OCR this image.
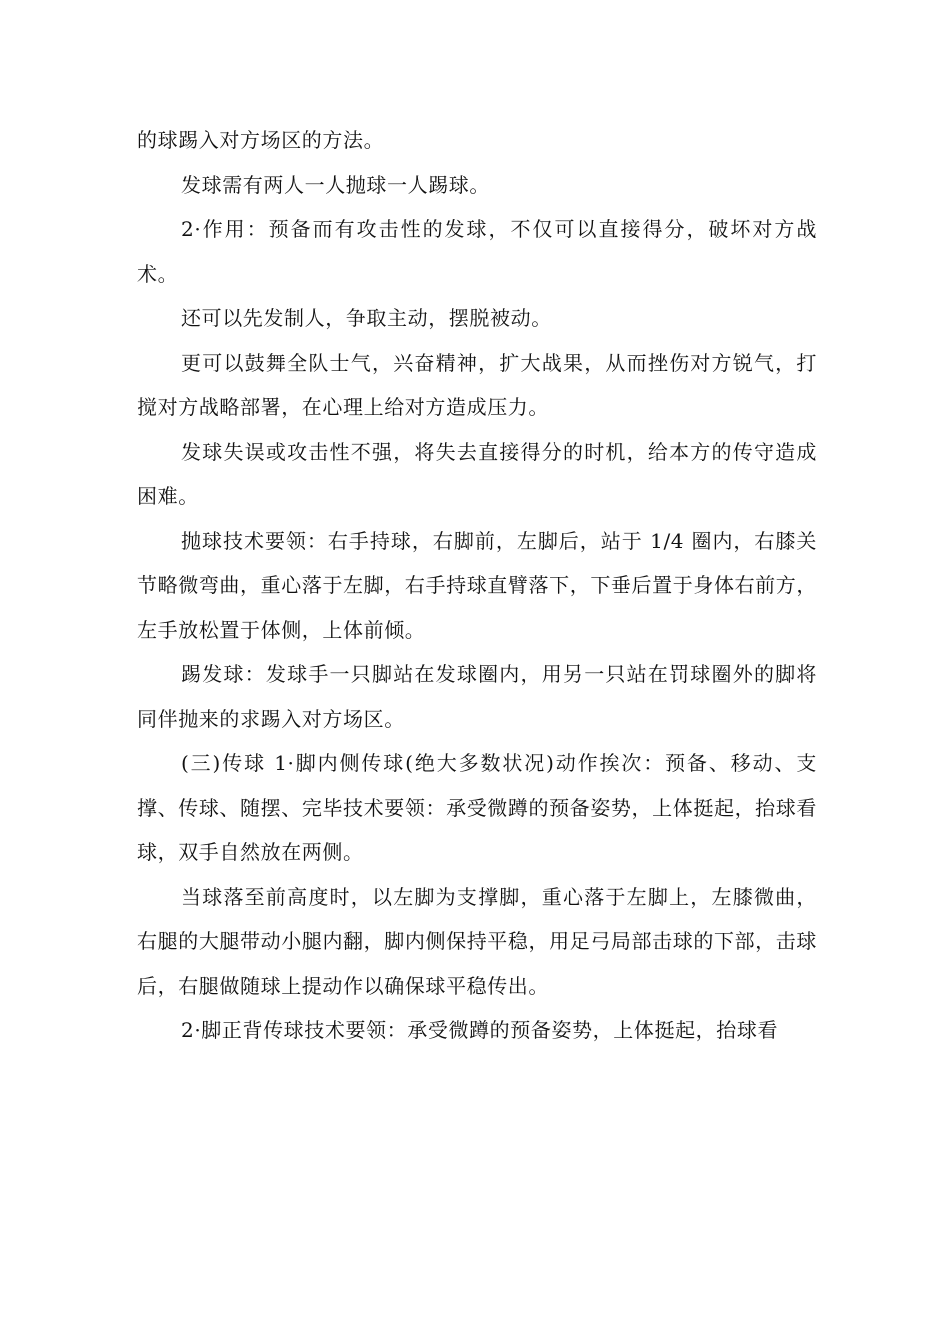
的球踢入对方场区的方法。

发球需有两人一人抛球一人踢球。

2·作用：预备而有攻击性的发球，不仅可以直接得分，破坏对方战术。

还可以先发制人，争取主动，摆脱被动。

更可以鼓舞全队士气，兴奋精神，扩大战果，从而挫伤对方锐气，打搅对方战略部署，在心理上给对方造成压力。

发球失误或攻击性不强，将失去直接得分的时机，给本方的传守造成困难。

抛球技术要领：右手持球，右脚前，左脚后，站于 1/4 圈内，右膝关节略微弯曲，重心落于左脚，右手持球直臂落下，下垂后置于身体右前方，左手放松置于体侧，上体前倾。

踢发球：发球手一只脚站在发球圈内，用另一只站在罚球圈外的脚将同伴抛来的求踢入对方场区。

(三)传球 1·脚内侧传球(绝大多数状况)动作挨次：预备、移动、支撑、传球、随摆、完毕技术要领：承受微蹲的预备姿势，上体挺起，抬球看球，双手自然放在两侧。

当球落至前高度时，以左脚为支撑脚，重心落于左脚上，左膝微曲，右腿的大腿带动小腿内翻，脚内侧保持平稳，用足弓局部击球的下部，击球后，右腿做随球上提动作以确保球平稳传出。

2·脚正背传球技术要领：承受微蹲的预备姿势，上体挺起，抬球看
